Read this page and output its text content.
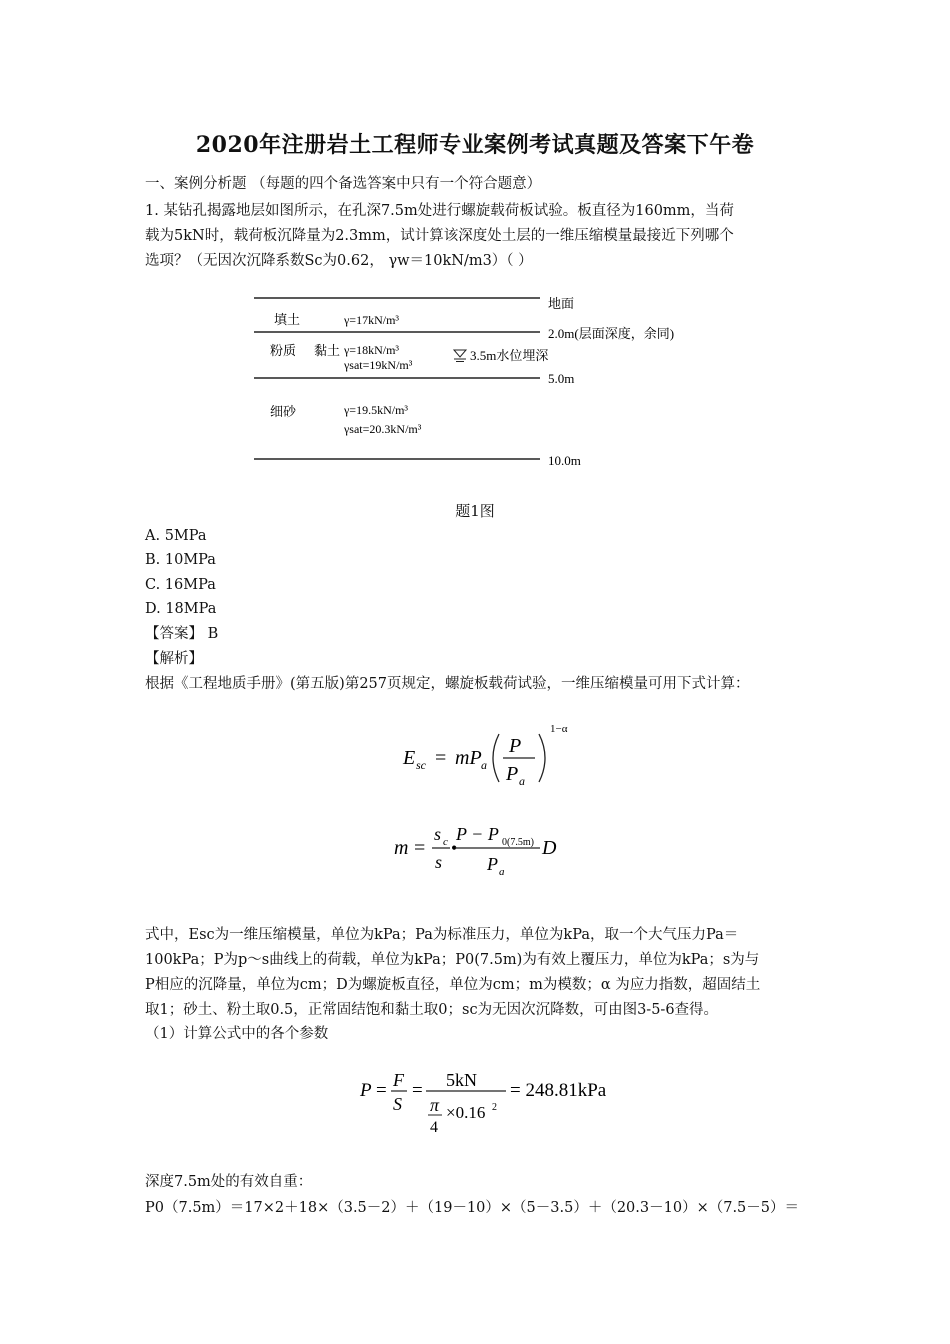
2020年注册岩土工程师专业案例考试真题及答案下午卷
一、案例分析题 （每题的四个备选答案中只有一个符合题意）
1. 某钻孔揭露地层如图所示，在孔深7.5m处进行螺旋载荷板试验。板直径为160mm，当荷
载为5kN时，载荷板沉降量为2.3mm，试计算该深度处土层的一维压缩模量最接近下列哪个
选项？（无因次沉降系数Sc为0.62， γw＝10kN/m3）（ ）
地面
2.0m(层面深度，余同)
5.0m
10.0m
填土	γ=17kN/m³
粉质 黏土 γ=18kN/m³
γsat=19kN/m³
3.5m水位埋深
细砂	γ=19.5kN/m³
γsat=20.3kN/m³
题1图
A. 5MPa
B. 10MPa
C. 16MPa
D. 18MPa
【答案】 B
【解析】
根据《工程地质手册》(第五版)第257页规定，螺旋板载荷试验，一维压缩模量可用下式计算：
E sc = mP a
P
P a
1−α
m =
s c
s
•
P − P 0(7.5m)
P a
D
式中，Esc为一维压缩模量，单位为kPa；Pa为标准压力，单位为kPa，取一个大气压力Pa＝
100kPa；P为p～s曲线上的荷载，单位为kPa；P0(7.5m)为有效上覆压力，单位为kPa；s为与
P相应的沉降量，单位为cm；D为螺旋板直径，单位为cm；m为模数；α 为应力指数，超固结土
取1；砂土、粉土取0.5，正常固结饱和黏土取0；sc为无因次沉降数，可由图3-5-6查得。
（1）计算公式中的各个参数
P = F
S
= 5kN
π
4
×0.16 2
= 248.81kPa
深度7.5m处的有效自重：
P0（7.5m）＝17×2＋18×（3.5－2）＋（19－10）×（5－3.5）＋（20.3－10）×（7.5－5）＝
